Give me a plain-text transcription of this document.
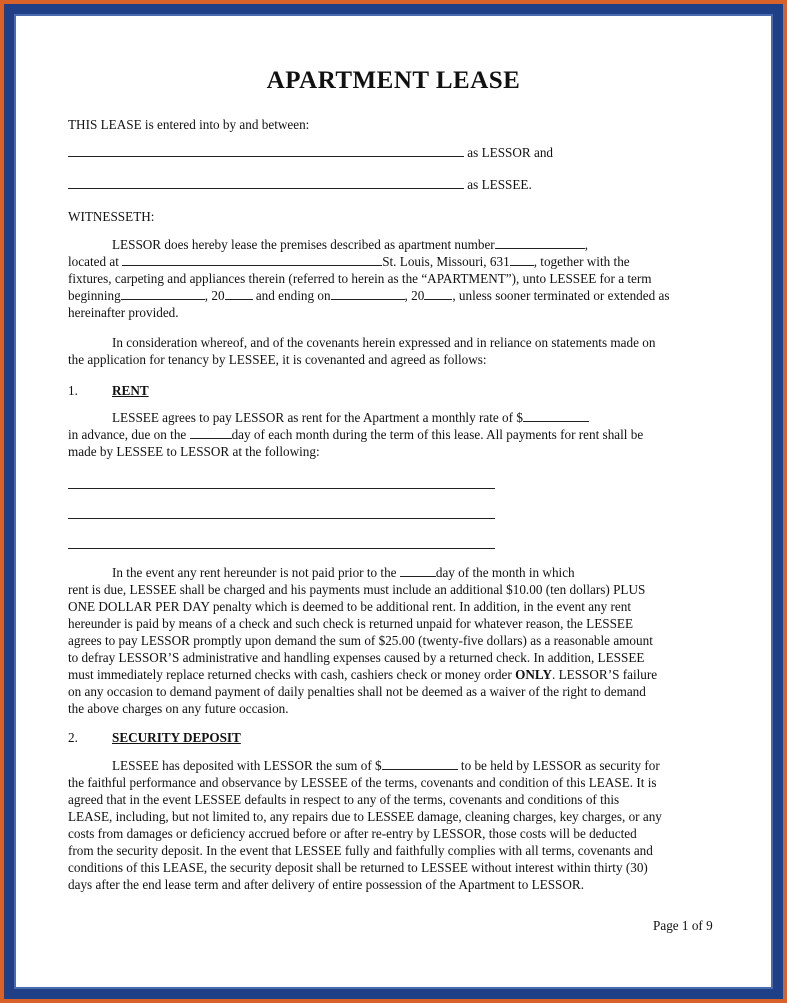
APARTMENT LEASE
THIS LEASE is entered into by and between:
as LESSOR and
as LESSEE.
WITNESSETH:
LESSOR does hereby lease the premises described as apartment number	,
located at	St. Louis, Missouri, 631 , together with the
fixtures, carpeting and appliances therein (referred to herein as the “APARTMENT”), unto LESSEE for a term
beginning	, 20 and ending on	, 20 , unless sooner terminated or extended as
hereinafter provided.
In consideration whereof, and of the covenants herein expressed and in reliance on statements made on
the application for tenancy by LESSEE, it is covenanted and agreed as follows:
1.	RENT
LESSEE agrees to pay LESSOR as rent for the Apartment a monthly rate of $
in advance, due on the	day of each month during the term of this lease. All payments for rent shall be
made by LESSEE to LESSOR at the following:
In the event any rent hereunder is not paid prior to the	day of the month in which
rent is due, LESSEE shall be charged and his payments must include an additional $10.00 (ten dollars) PLUS
ONE DOLLAR PER DAY penalty which is deemed to be additional rent. In addition, in the event any rent
hereunder is paid by means of a check and such check is returned unpaid for whatever reason, the LESSEE
agrees to pay LESSOR promptly upon demand the sum of $25.00 (twenty-five dollars) as a reasonable amount
to defray LESSOR’S administrative and handling expenses caused by a returned check. In addition, LESSEE
must immediately replace returned checks with cash, cashiers check or money order ONLY. LESSOR’S failure
on any occasion to demand payment of daily penalties shall not be deemed as a waiver of the right to demand
the above charges on any future occasion.
2.	SECURITY DEPOSIT
LESSEE has deposited with LESSOR the sum of $	to be held by LESSOR as security for
the faithful performance and observance by LESSEE of the terms, covenants and condition of this LEASE. It is
agreed that in the event LESSEE defaults in respect to any of the terms, covenants and conditions of this
LEASE, including, but not limited to, any repairs due to LESSEE damage, cleaning charges, key charges, or any
costs from damages or deficiency accrued before or after re-entry by LESSOR, those costs will be deducted
from the security deposit. In the event that LESSEE fully and faithfully complies with all terms, covenants and
conditions of this LEASE, the security deposit shall be returned to LESSEE without interest within thirty (30)
days after the end lease term and after delivery of entire possession of the Apartment to LESSOR.
Page 1 of 9
